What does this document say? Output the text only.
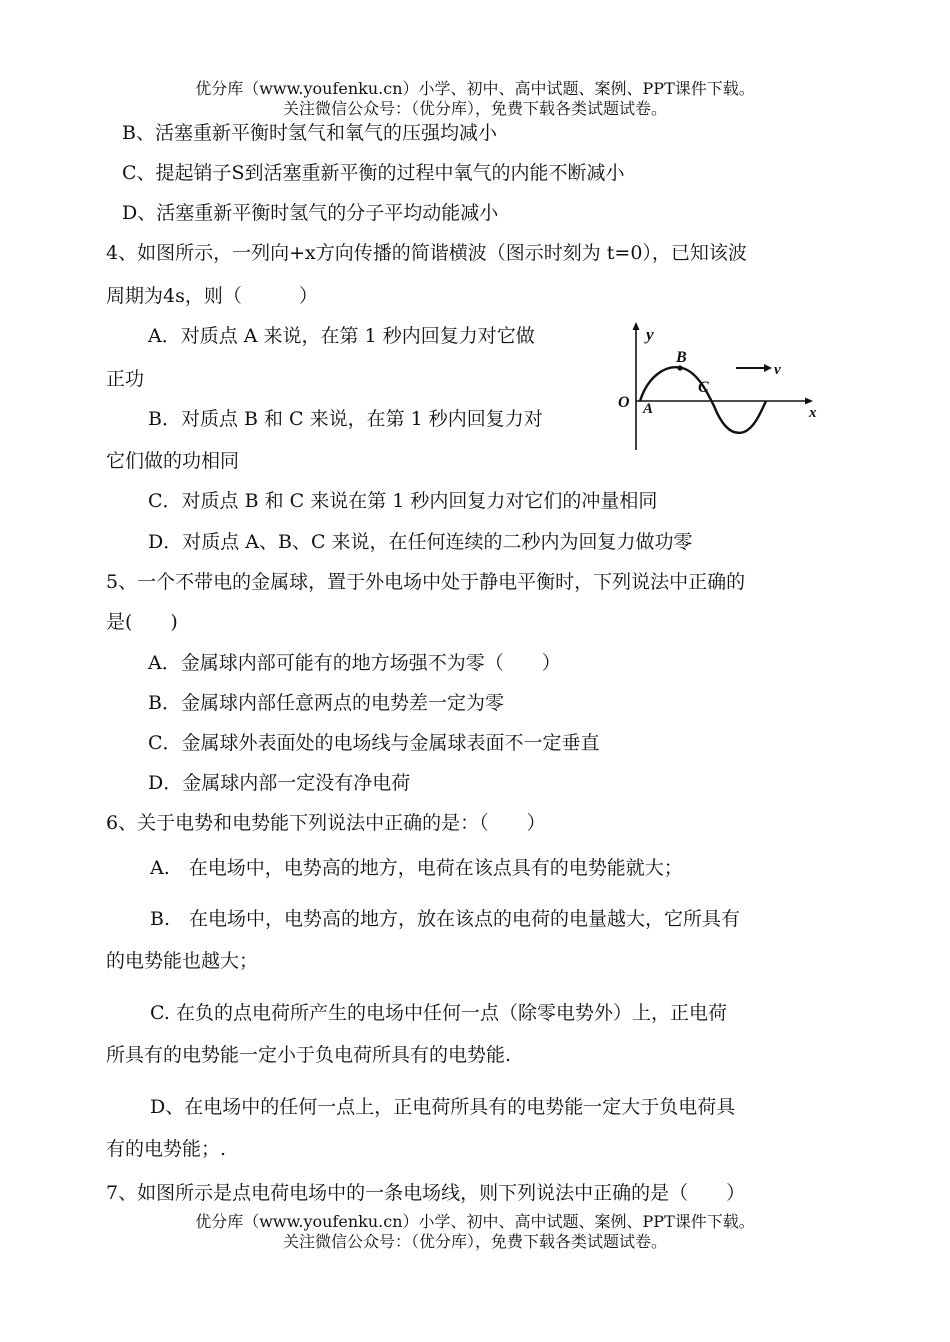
优分库（www.youfenku.cn）小学、初中、高中试题、案例、PPT课件下载。
关注微信公众号：（优分库），免费下载各类试题试卷。
B、活塞重新平衡时氢气和氧气的压强均减小
C、提起销子S到活塞重新平衡的过程中氧气的内能不断减小
D、活塞重新平衡时氢气的分子平均动能减小
4、如图所示，一列向+x方向传播的简谐横波（图示时刻为 t=0），已知该波
周期为4s，则（　　　）
A．对质点 A 来说，在第 1 秒内回复力对它做
正功
B．对质点 B 和 C 来说，在第 1 秒内回复力对
它们做的功相同
C．对质点 B 和 C 来说在第 1 秒内回复力对它们的冲量相同
D．对质点 A、B、C 来说，在任何连续的二秒内为回复力做功零
5、一个不带电的金属球，置于外电场中处于静电平衡时，下列说法中正确的
是(　　)
A．金属球内部可能有的地方场强不为零（　　）
B．金属球内部任意两点的电势差一定为零
C．金属球外表面处的电场线与金属球表面不一定垂直
D．金属球内部一定没有净电荷
6、关于电势和电势能下列说法中正确的是：（　　）
A.　在电场中，电势高的地方，电荷在该点具有的电势能就大；
B.　在电场中，电势高的地方，放在该点的电荷的电量越大，它所具有
的电势能也越大；
C. 在负的点电荷所产生的电场中任何一点（除零电势外）上，正电荷
所具有的电势能一定小于负电荷所具有的电势能.
D、在电场中的任何一点上，正电荷所具有的电势能一定大于负电荷具
有的电势能；.
7、如图所示是点电荷电场中的一条电场线，则下列说法中正确的是（　　）
优分库（www.youfenku.cn）小学、初中、高中试题、案例、PPT课件下载。
关注微信公众号：（优分库），免费下载各类试题试卷。
y
x
O A
B
C
v
